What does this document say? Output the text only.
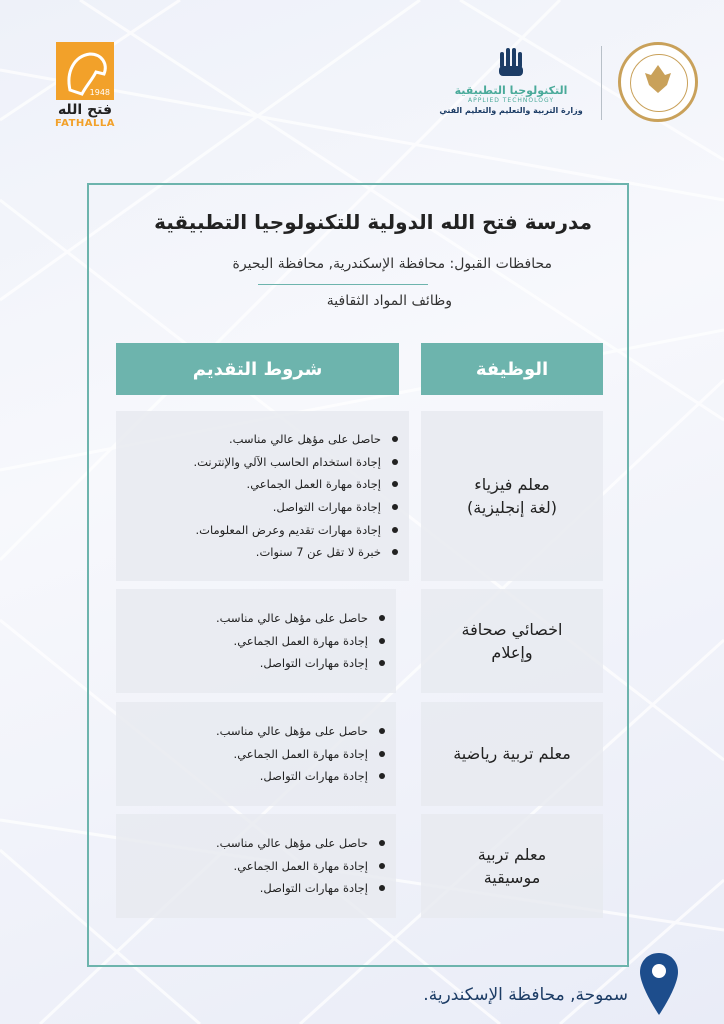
1948
فتح الله
FATHALLA
التكنولوجيا التطبيقية
APPLIED TECHNOLOGY
وزارة التربية والتعليم والتعليم الفني
مدرسة فتح الله الدولية للتكنولوجيا التطبيقية
محافظات القبول: محافظة الإسكندرية, محافظة البحيرة
وظائف المواد الثقافية
الوظيفة
شروط التقديم
معلم فيزياء
(لغة إنجليزية)
حاصل على مؤهل عالي مناسب.
إجادة استخدام الحاسب الآلي والإنترنت.
إجادة مهارة العمل الجماعي.
إجادة مهارات التواصل.
إجادة مهارات تقديم وعرض المعلومات.
خبرة لا تقل عن 7 سنوات.
اخصائي صحافة
وإعلام
حاصل على مؤهل عالي مناسب.
إجادة مهارة العمل الجماعي.
إجادة مهارات التواصل.
معلم تربية رياضية
حاصل على مؤهل عالي مناسب.
إجادة مهارة العمل الجماعي.
إجادة مهارات التواصل.
معلم تربية
موسيقية
حاصل على مؤهل عالي مناسب.
إجادة مهارة العمل الجماعي.
إجادة مهارات التواصل.
سموحة, محافظة الإسكندرية.
